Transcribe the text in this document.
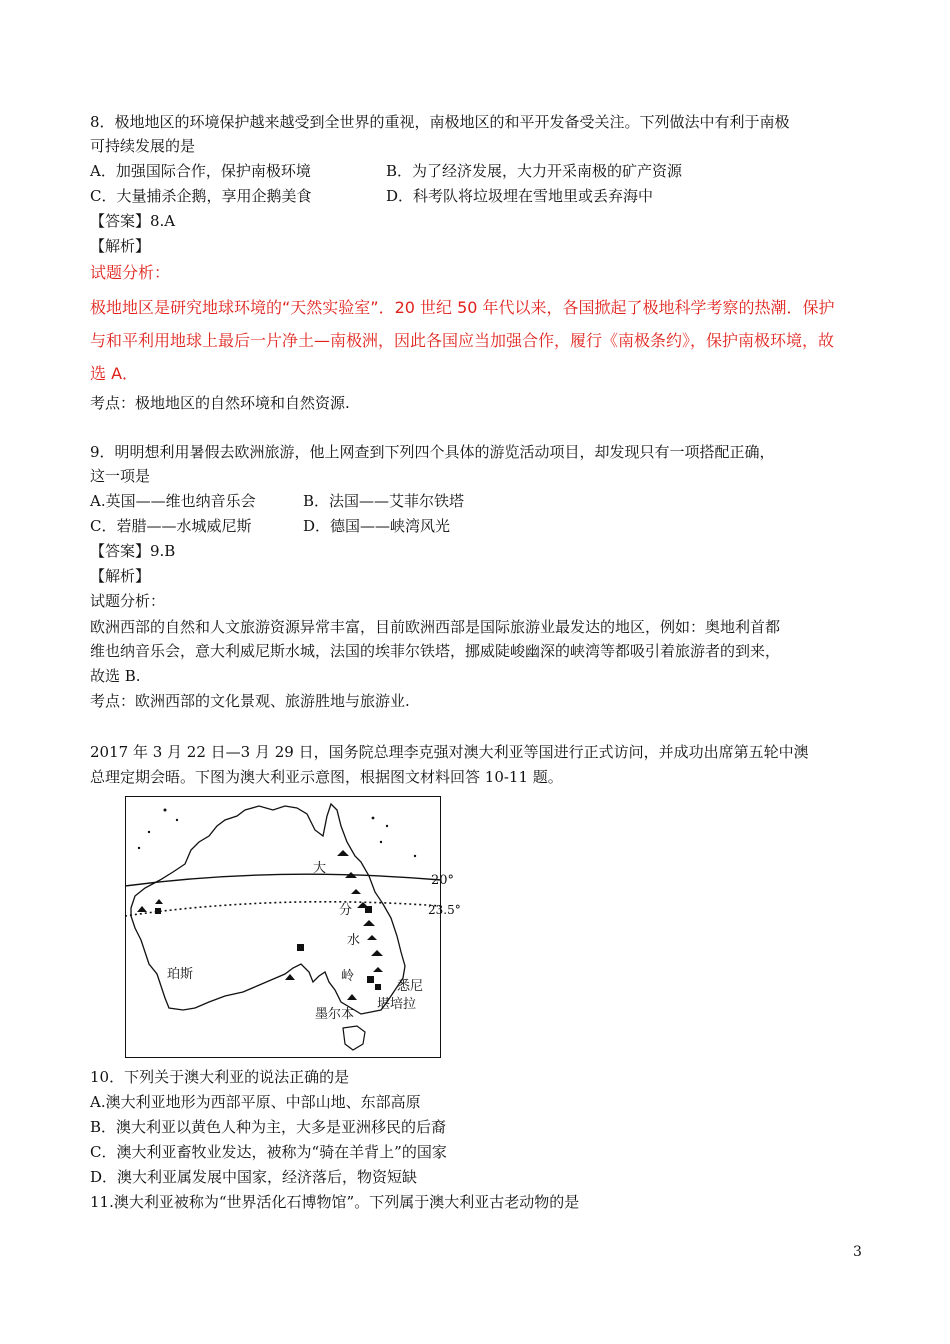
8．极地地区的环境保护越来越受到全世界的重视，南极地区的和平开发备受关注。下列做法中有利于南极
可持续发展的是
A．加强国际合作，保护南极环境	B．为了经济发展，大力开采南极的矿产资源
C．大量捕杀企鹅，享用企鹅美食	D．科考队将垃圾埋在雪地里或丢弃海中
【答案】8.A
【解析】
试题分析：
极地地区是研究地球环境的“天然实验室”．20 世纪 50 年代以来，各国掀起了极地科学考察的热潮．保护
与和平利用地球上最后一片净土—南极洲，因此各国应当加强合作，履行《南极条约》，保护南极环境，故
选 A．
考点：极地地区的自然环境和自然资源.
9．明明想利用暑假去欧洲旅游，他上网查到下列四个具体的游览活动项目，却发现只有一项搭配正确，
这一项是
A.英国——维也纳音乐会	B．法国——艾菲尔铁塔
C．菪腊——水城威尼斯	D．德国——峡湾风光
【答案】9.B
【解析】
试题分析：
欧洲西部的自然和人文旅游资源异常丰富，目前欧洲西部是国际旅游业最发达的地区，例如：奥地利首都
维也纳音乐会，意大利威尼斯水城，法国的埃菲尔铁塔，挪威陡峻幽深的峡湾等都吸引着旅游者的到来，
故选 B.
考点：欧洲西部的文化景观、旅游胜地与旅游业.
2017 年 3 月 22 日—3 月 29 日，国务院总理李克强对澳大利亚等国进行正式访问，并成功出席第五轮中澳
总理定期会晤。下图为澳大利亚示意图，根据图文材料回答 10-11 题。
大
分
水
岭
20°
23.5°
珀斯
悉尼
堪培拉
墨尔本
10．下列关于澳大利亚的说法正确的是
A.澳大利亚地形为西部平原、中部山地、东部高原
B．澳大利亚以黄色人种为主，大多是亚洲移民的后裔
C．澳大利亚畜牧业发达，被称为“骑在羊背上”的国家
D．澳大利亚属发展中国家，经济落后，物资短缺
11.澳大利亚被称为“世界活化石博物馆”。下列属于澳大利亚古老动物的是
3
